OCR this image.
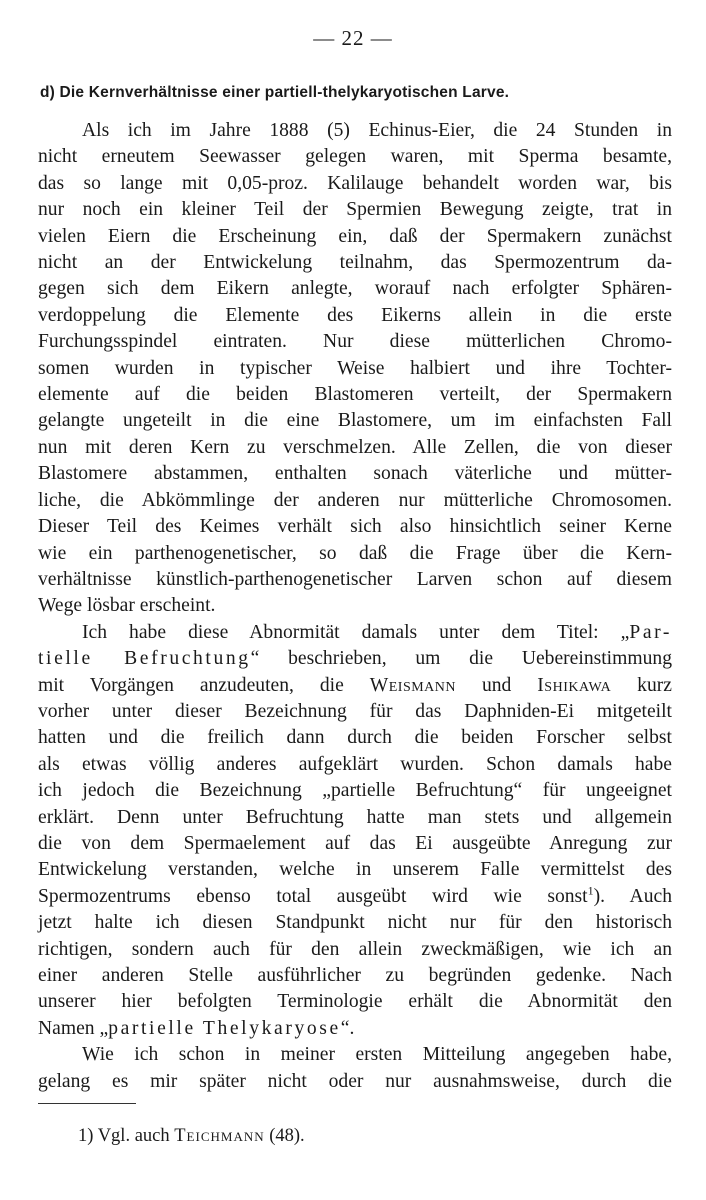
— 22 —
d) Die Kernverhältnisse einer partiell-thelykaryotischen Larve.

Als ich im Jahre 1888 (5) Echinus-Eier, die 24 Stunden in
nicht erneutem Seewasser gelegen waren, mit Sperma besamte,
das so lange mit 0,05-proz. Kalilauge behandelt worden war, bis
nur noch ein kleiner Teil der Spermien Bewegung zeigte, trat in
vielen Eiern die Erscheinung ein, daß der Spermakern zunächst
nicht an der Entwickelung teilnahm, das Spermozentrum da-
gegen sich dem Eikern anlegte, worauf nach erfolgter Sphären-
verdoppelung die Elemente des Eikerns allein in die erste
Furchungsspindel eintraten. Nur diese mütterlichen Chromo-
somen wurden in typischer Weise halbiert und ihre Tochter-
elemente auf die beiden Blastomeren verteilt, der Spermakern
gelangte ungeteilt in die eine Blastomere, um im einfachsten Fall
nun mit deren Kern zu verschmelzen. Alle Zellen, die von dieser
Blastomere abstammen, enthalten sonach väterliche und mütter-
liche, die Abkömmlinge der anderen nur mütterliche Chromosomen.
Dieser Teil des Keimes verhält sich also hinsichtlich seiner Kerne
wie ein parthenogenetischer, so daß die Frage über die Kern-
verhältnisse künstlich-parthenogenetischer Larven schon auf diesem
Wege lösbar erscheint.

Ich habe diese Abnormität damals unter dem Titel: „Par-
tielle Befruchtung“ beschrieben, um die Uebereinstimmung
mit Vorgängen anzudeuten, die Weismann und Ishikawa kurz
vorher unter dieser Bezeichnung für das Daphniden-Ei mitgeteilt
hatten und die freilich dann durch die beiden Forscher selbst
als etwas völlig anderes aufgeklärt wurden. Schon damals habe
ich jedoch die Bezeichnung „partielle Befruchtung“ für ungeeignet
erklärt. Denn unter Befruchtung hatte man stets und allgemein
die von dem Spermaelement auf das Ei ausgeübte Anregung zur
Entwickelung verstanden, welche in unserem Falle vermittelst des
Spermozentrums ebenso total ausgeübt wird wie sonst$^1$). Auch
jetzt halte ich diesen Standpunkt nicht nur für den historisch
richtigen, sondern auch für den allein zweckmäßigen, wie ich an
einer anderen Stelle ausführlicher zu begründen gedenke. Nach
unserer hier befolgten Terminologie erhält die Abnormität den
Namen „partielle Thelykaryose“.

Wie ich schon in meiner ersten Mitteilung angegeben habe,
gelang es mir später nicht oder nur ausnahmsweise, durch die

1) Vgl. auch Teichmann (48).
